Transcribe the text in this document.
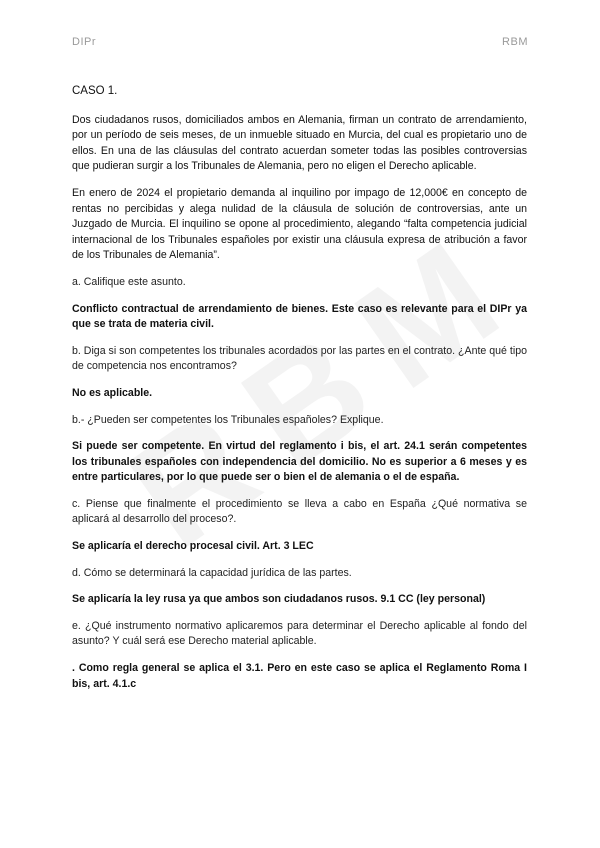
DIPr	RBM

CASO 1.

Dos ciudadanos rusos, domiciliados ambos en Alemania, firman un contrato de arrendamiento, por un período de seis meses, de un inmueble situado en Murcia, del cual es propietario uno de ellos. En una de las cláusulas del contrato acuerdan someter todas las posibles controversias que pudieran surgir a los Tribunales de Alemania, pero no eligen el Derecho aplicable.

En enero de 2024 el propietario demanda al inquilino por impago de 12,000€ en concepto de rentas no percibidas y alega nulidad de la cláusula de solución de controversias, ante un Juzgado de Murcia. El inquilino se opone al procedimiento, alegando “falta competencia judicial internacional de los Tribunales españoles por existir una cláusula expresa de atribución a favor de los Tribunales de Alemania”.

a. Califique este asunto.

Conflicto contractual de arrendamiento de bienes. Este caso es relevante para el DIPr ya que se trata de materia civil.

b. Diga si son competentes los tribunales acordados por las partes en el contrato. ¿Ante qué tipo de competencia nos encontramos?

No es aplicable.

b.- ¿Pueden ser competentes los Tribunales españoles? Explique.

Si puede ser competente. En virtud del reglamento i bis, el art. 24.1 serán competentes los tribunales españoles con independencia del domicilio. No es superior a 6 meses y es entre particulares, por lo que puede ser o bien el de alemania o el de españa.

c. Piense que finalmente el procedimiento se lleva a cabo en España ¿Qué normativa se aplicará al desarrollo del proceso?.

Se aplicaría el derecho procesal civil. Art. 3 LEC

d. Cómo se determinará la capacidad jurídica de las partes.

Se aplicaría la ley rusa ya que ambos son ciudadanos rusos. 9.1 CC (ley personal)

e. ¿Qué instrumento normativo aplicaremos para determinar el Derecho aplicable al fondo del asunto? Y cuál será ese Derecho material aplicable.

. Como regla general se aplica el 3.1. Pero en este caso se aplica el Reglamento Roma I bis, art. 4.1.c
